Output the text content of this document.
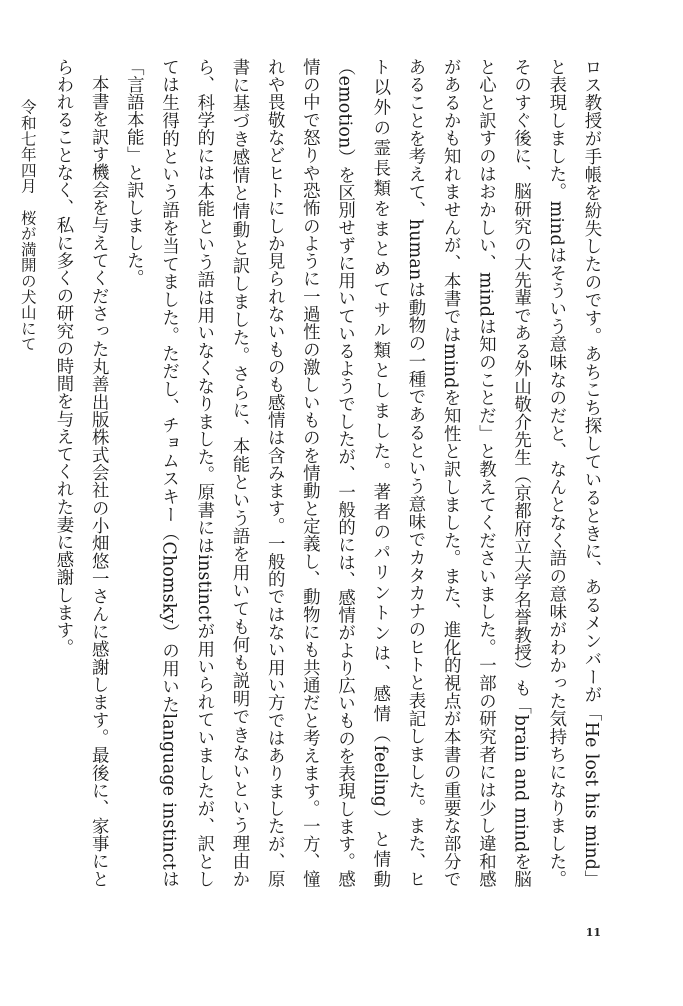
ロス教授が手帳を紛失したのです。あちこち探しているときに、あるメンバーが「He lost his mind」と表現しました。mindはそういう意味なのだと、なんとなく語の意味がわかった気持ちになりました。そのすぐ後に、脳研究の大先輩である外山敬介先生（京都府立大学名誉教授）も「brain and mindを脳と心と訳すのはおかしい、mindは知のことだ」と教えてくださいました。一部の研究者には少し違和感があるかも知れませんが、本書ではmindを知性と訳しました。また、進化的視点が本書の重要な部分であることを考えて、humanは動物の一種であるという意味でカタカナのヒトと表記しました。また、ヒト以外の霊長類をまとめてサル類としました。著者のパリントンは、感情（feeling）と情動（emotion）を区別せずに用いているようでしたが、一般的には、感情がより広いものを表現します。感情の中で怒りや恐怖のように一過性の激しいものを情動と定義し、動物にも共通だと考えます。一方、憧れや畏敬などヒトにしか見られないものも感情は含みます。一般的ではない用い方ではありましたが、原書に基づき感情と情動と訳しました。さらに、本能という語を用いても何も説明できないという理由から、科学的には本能という語は用いなくなりました。原書にはinstinctが用いられていましたが、訳としては生得的という語を当てました。ただし、チョムスキー（Chomsky）の用いたlanguage instinctは「言語本能」と訳しました。

本書を訳す機会を与えてくださった丸善出版株式会社の小畑悠一さんに感謝します。最後に、家事にとらわれることなく、私に多くの研究の時間を与えてくれた妻に感謝します。

令和七年四月　桜が満開の犬山にて

11
